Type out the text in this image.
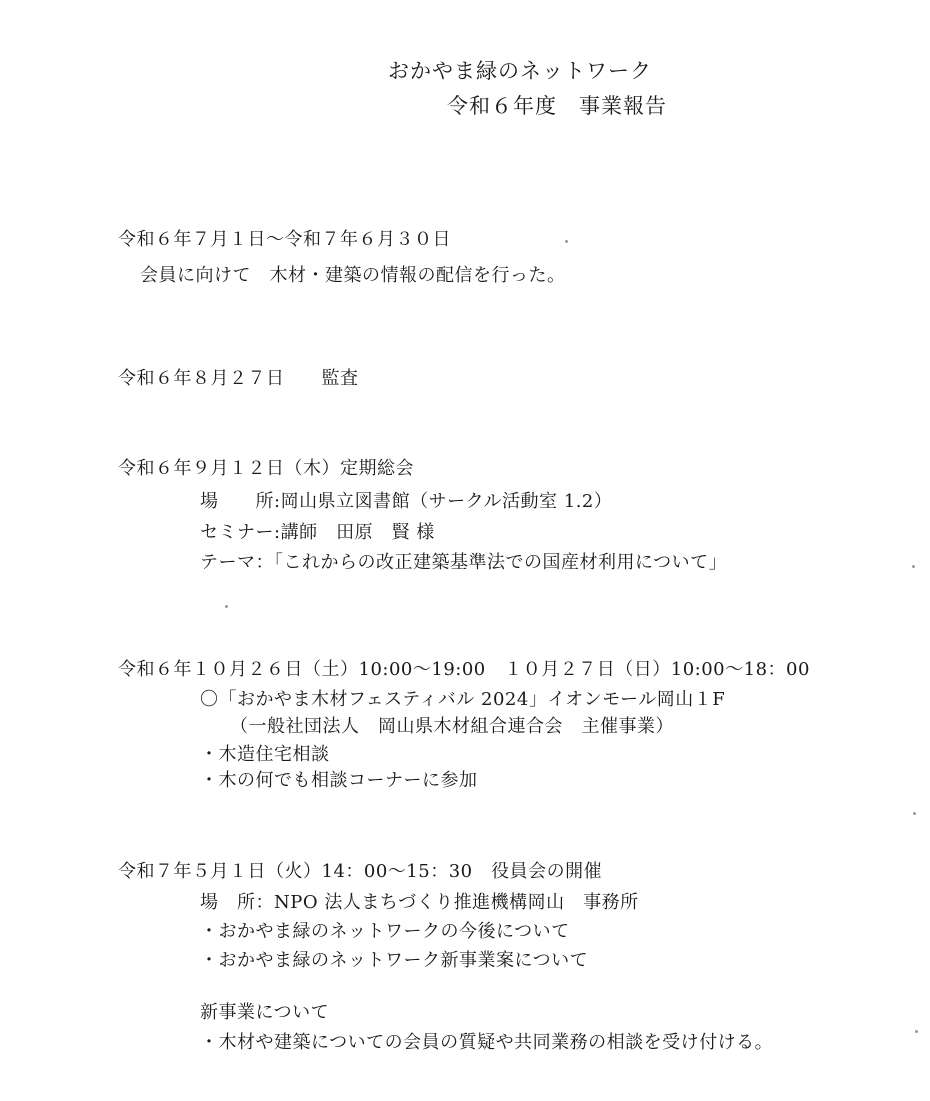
おかやま緑のネットワーク
令和６年度　事業報告
令和６年７月１日～令和７年６月３０日
会員に向けて　木材・建築の情報の配信を行った。
令和６年８月２７日　　監査
令和６年９月１２日（木）定期総会
場　　所:岡山県立図書館（サークル活動室 1.2）
セミナー:講師　田原　賢 様
テーマ：「これからの改正建築基準法での国産材利用について」
令和６年１０月２６日（土）10:00～19:00　１０月２７日（日）10:00～18：00
〇「おかやま木材フェスティバル 2024」イオンモール岡山１F
（一般社団法人　岡山県木材組合連合会　主催事業）
・木造住宅相談
・木の何でも相談コーナーに参加
令和７年５月１日（火）14：00～15：30　役員会の開催
場　所：NPO 法人まちづくり推進機構岡山　事務所
・おかやま緑のネットワークの今後について
・おかやま緑のネットワーク新事業案について
新事業について
・木材や建築についての会員の質疑や共同業務の相談を受け付ける。
